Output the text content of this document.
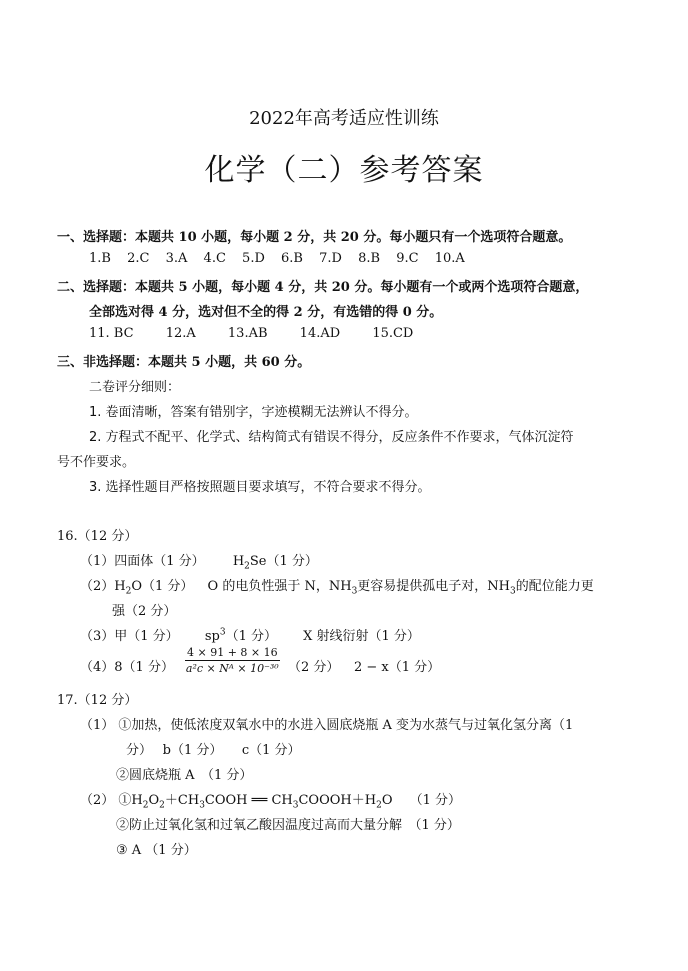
2022年高考适应性训练
化学（二）参考答案
一、选择题：本题共 10 小题，每小题 2 分，共 20 分。每小题只有一个选项符合题意。
1.B 2.C 3.A 4.C 5.D 6.B 7.D 8.B 9.C 10.A
二、选择题：本题共 5 小题，每小题 4 分，共 20 分。每小题有一个或两个选项符合题意，
全部选对得 4 分，选对但不全的得 2 分，有选错的得 0 分。
11. BC 12.A 13.AB 14.AD 15.CD
三、非选择题：本题共 5 小题，共 60 分。
二卷评分细则：
1. 卷面清晰，答案有错别字，字迹模糊无法辨认不得分。
2. 方程式不配平、化学式、结构简式有错误不得分，反应条件不作要求，气体沉淀符
号不作要求。
3. 选择性题目严格按照题目要求填写，不符合要求不得分。
16.（12 分）
（1）四面体（1 分） $H_2Se(1$ 分）
$(2)H_2O(1$ 分） O 的电负性强于 N，$NH_3$更容易提供孤电子对，$NH_3$的配位能力更
强（2 分）
（3）甲（1 分） $sp^3(1$ 分） X 射线衍射（1 分）
（4）8（1 分） $\frac{4 \times 91 + 8 \times 16}{\text{a²c × Nᴬ × 10⁻³⁰}} (2$ 分） 2 − x（1 分）
17.（12 分）
（1） ①加热，使低浓度双氧水中的水进入圆底烧瓶 A 变为水蒸气与过氧化氢分离（1
分）　 b（1 分）　　c（1 分）
②圆底烧瓶 A　（1 分）
（2） $①H_2O_2+CH_3COOH$ ══ $CH_3COOOH+H_2O$　 （1 分）
②防止过氧化氢和过氧乙酸因温度过高而大量分解　（1 分）
③ A （1 分）
